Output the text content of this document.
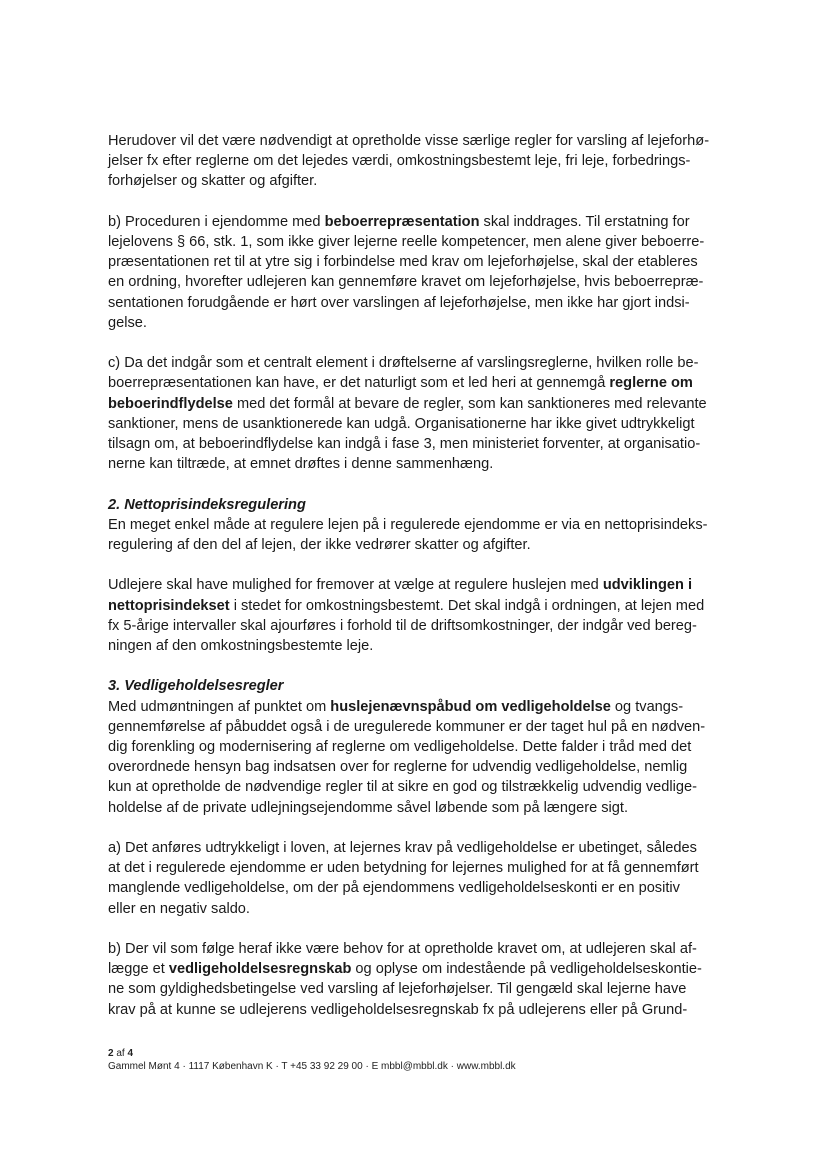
Herudover vil det være nødvendigt at opretholde visse særlige regler for varsling af lejeforhø-
jelser fx efter reglerne om det lejedes værdi, omkostningsbestemt leje, fri leje, forbedrings-
forhøjelser og skatter og afgifter.

b) Proceduren i ejendomme med beboerrepræsentation skal inddrages. Til erstatning for
lejelovens § 66, stk. 1, som ikke giver lejerne reelle kompetencer, men alene giver beboerre-
præsentationen ret til at ytre sig i forbindelse med krav om lejeforhøjelse, skal der etableres
en ordning, hvorefter udlejeren kan gennemføre kravet om lejeforhøjelse, hvis beboerrepræ-
sentationen forudgående er hørt over varslingen af lejeforhøjelse, men ikke har gjort indsi-
gelse.

c) Da det indgår som et centralt element i drøftelserne af varslingsreglerne, hvilken rolle be-
boerrepræsentationen kan have, er det naturligt som et led heri at gennemgå reglerne om
beboerindflydelse med det formål at bevare de regler, som kan sanktioneres med relevante
sanktioner, mens de usanktionerede kan udgå. Organisationerne har ikke givet udtrykkeligt
tilsagn om, at beboerindflydelse kan indgå i fase 3, men ministeriet forventer, at organisatio-
nerne kan tiltræde, at emnet drøftes i denne sammenhæng.

2. Nettoprisindeksregulering

En meget enkel måde at regulere lejen på i regulerede ejendomme er via en nettoprisindeks-
regulering af den del af lejen, der ikke vedrører skatter og afgifter.

Udlejere skal have mulighed for fremover at vælge at regulere huslejen med udviklingen i
nettoprisindekset i stedet for omkostningsbestemt. Det skal indgå i ordningen, at lejen med
fx 5-årige intervaller skal ajourføres i forhold til de driftsomkostninger, der indgår ved bereg-
ningen af den omkostningsbestemte leje.

3. Vedligeholdelsesregler

Med udmøntningen af punktet om huslejenævnspåbud om vedligeholdelse og tvangs-
gennemførelse af påbuddet også i de uregulerede kommuner er der taget hul på en nødven-
dig forenkling og modernisering af reglerne om vedligeholdelse. Dette falder i tråd med det
overordnede hensyn bag indsatsen over for reglerne for udvendig vedligeholdelse, nemlig
kun at opretholde de nødvendige regler til at sikre en god og tilstrækkelig udvendig vedlige-
holdelse af de private udlejningsejendomme såvel løbende som på længere sigt.

a) Det anføres udtrykkeligt i loven, at lejernes krav på vedligeholdelse er ubetinget, således
at det i regulerede ejendomme er uden betydning for lejernes mulighed for at få gennemført
manglende vedligeholdelse, om der på ejendommens vedligeholdelseskonti er en positiv
eller en negativ saldo.

b) Der vil som følge heraf ikke være behov for at opretholde kravet om, at udlejeren skal af-
lægge et vedligeholdelsesregnskab og oplyse om indestående på vedligeholdelseskontie-
ne som gyldighedsbetingelse ved varsling af lejeforhøjelser. Til gengæld skal lejerne have
krav på at kunne se udlejerens vedligeholdelsesregnskab fx på udlejerens eller på Grund-

2 af 4
Gammel Mønt 4 · 1117 København K · T +45 33 92 29 00 · E mbbl@mbbl.dk · www.mbbl.dk
